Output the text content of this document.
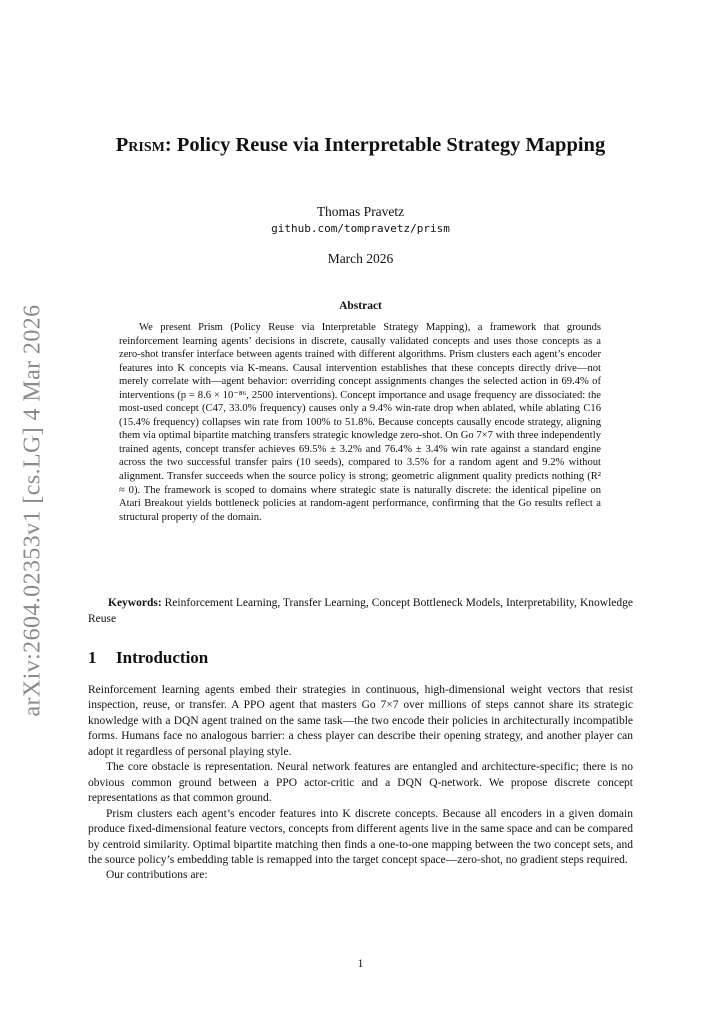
arXiv:2604.02353v1 [cs.LG] 4 Mar 2026
Prism: Policy Reuse via Interpretable Strategy Mapping
Thomas Pravetz
github.com/tompravetz/prism
March 2026
Abstract
We present Prism (Policy Reuse via Interpretable Strategy Mapping), a framework that grounds reinforcement learning agents’ decisions in discrete, causally validated concepts and uses those concepts as a zero-shot transfer interface between agents trained with different algorithms. Prism clusters each agent’s encoder features into K concepts via K-means. Causal intervention establishes that these concepts directly drive—not merely correlate with—agent behavior: overriding concept assignments changes the selected action in 69.4% of interventions (p = 8.6 × 10⁻⁸⁶, 2500 interventions). Concept importance and usage frequency are dissociated: the most-used concept (C47, 33.0% frequency) causes only a 9.4% win-rate drop when ablated, while ablating C16 (15.4% frequency) collapses win rate from 100% to 51.8%. Because concepts causally encode strategy, aligning them via optimal bipartite matching transfers strategic knowledge zero-shot. On Go 7×7 with three independently trained agents, concept transfer achieves 69.5% ± 3.2% and 76.4% ± 3.4% win rate against a standard engine across the two successful transfer pairs (10 seeds), compared to 3.5% for a random agent and 9.2% without alignment. Transfer succeeds when the source policy is strong; geometric alignment quality predicts nothing (R² ≈ 0). The framework is scoped to domains where strategic state is naturally discrete: the identical pipeline on Atari Breakout yields bottleneck policies at random-agent performance, confirming that the Go results reflect a structural property of the domain.
Keywords: Reinforcement Learning, Transfer Learning, Concept Bottleneck Models, Interpretability, Knowledge Reuse
1 Introduction

Reinforcement learning agents embed their strategies in continuous, high-dimensional weight vectors that resist inspection, reuse, or transfer. A PPO agent that masters Go 7×7 over millions of steps cannot share its strategic knowledge with a DQN agent trained on the same task—the two encode their policies in architecturally incompatible forms. Humans face no analogous barrier: a chess player can describe their opening strategy, and another player can adopt it regardless of personal playing style.

The core obstacle is representation. Neural network features are entangled and architecture-specific; there is no obvious common ground between a PPO actor-critic and a DQN Q-network. We propose discrete concept representations as that common ground.

Prism clusters each agent’s encoder features into K discrete concepts. Because all encoders in a given domain produce fixed-dimensional feature vectors, concepts from different agents live in the same space and can be compared by centroid similarity. Optimal bipartite matching then finds a one-to-one mapping between the two concept sets, and the source policy’s embedding table is remapped into the target concept space—zero-shot, no gradient steps required.

Our contributions are:

1
